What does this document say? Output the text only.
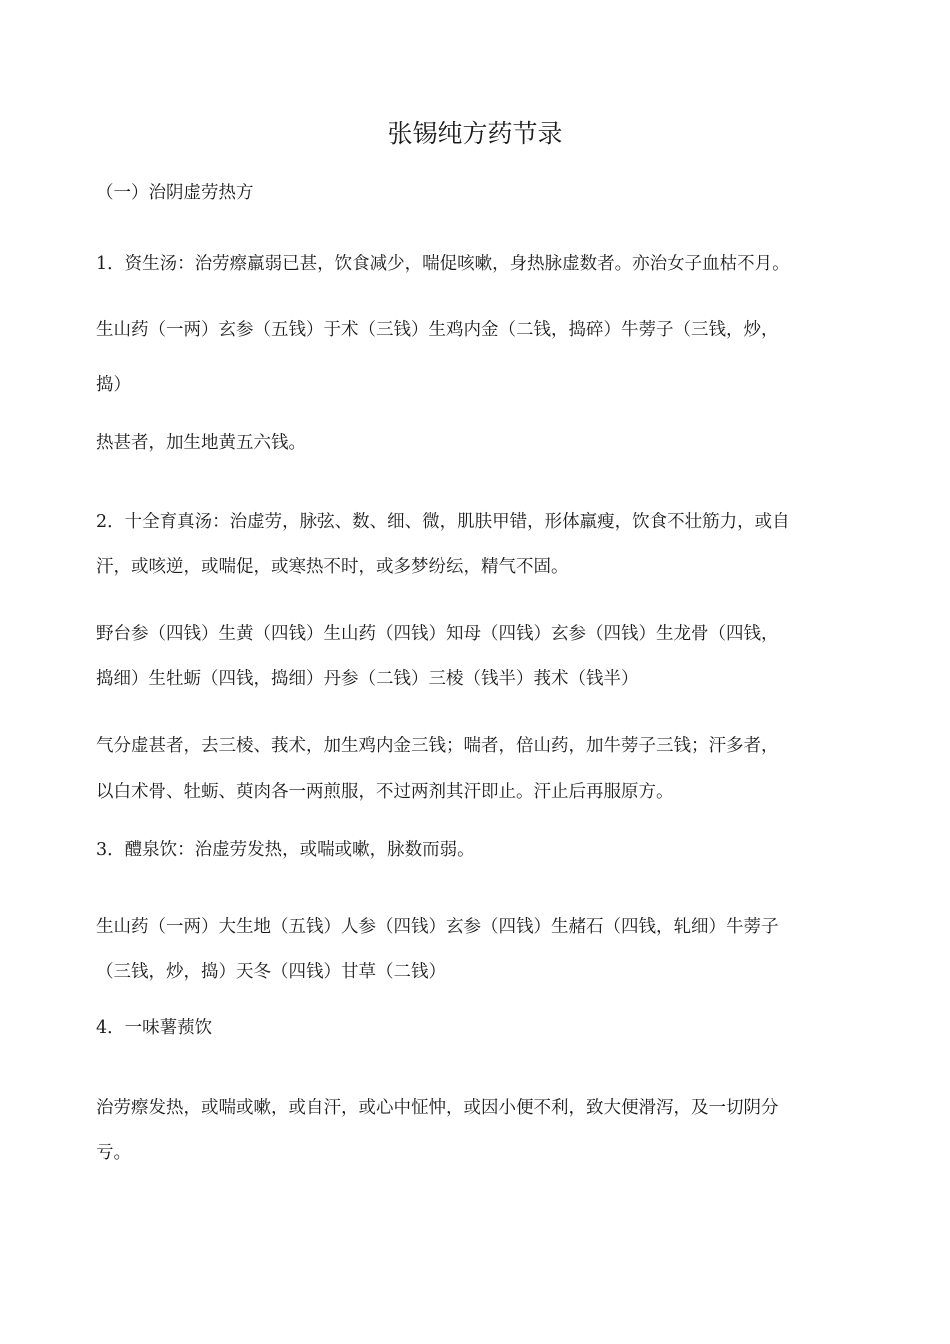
张锡纯方药节录

（一）治阴虚劳热方

1．资生汤：治劳瘵羸弱已甚，饮食减少，喘促咳嗽，身热脉虚数者。亦治女子血枯不月。

生山药（一两）玄参（五钱）于术（三钱）生鸡内金（二钱，捣碎）牛蒡子（三钱，炒，

捣）

热甚者，加生地黄五六钱。

2．十全育真汤：治虚劳，脉弦、数、细、微，肌肤甲错，形体羸瘦，饮食不壮筋力，或自

汗，或咳逆，或喘促，或寒热不时，或多梦纷纭，精气不固。

野台参（四钱）生黄（四钱）生山药（四钱）知母（四钱）玄参（四钱）生龙骨（四钱，

捣细）生牡蛎（四钱，捣细）丹参（二钱）三棱（钱半）莪术（钱半）

气分虚甚者，去三棱、莪术，加生鸡内金三钱；喘者，倍山药，加牛蒡子三钱；汗多者，

以白术骨、牡蛎、萸肉各一两煎服，不过两剂其汗即止。汗止后再服原方。

3．醴泉饮：治虚劳发热，或喘或嗽，脉数而弱。

生山药（一两）大生地（五钱）人参（四钱）玄参（四钱）生赭石（四钱，轧细）牛蒡子

（三钱，炒，捣）天冬（四钱）甘草（二钱）

4．一味薯蓣饮

治劳瘵发热，或喘或嗽，或自汗，或心中怔忡，或因小便不利，致大便滑泻，及一切阴分

亏。
